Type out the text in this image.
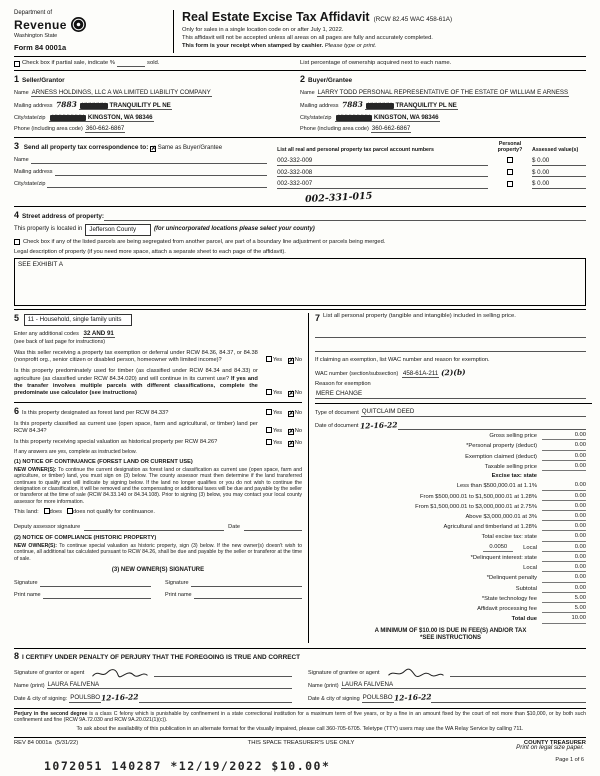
Department of
Revenue
Washington State
Form 84 0001a
Real Estate Excise Tax Affidavit (RCW 82.45 WAC 458-61A)
Only for sales in a single location code on or after July 1, 2022.
This affidavit will not be accepted unless all areas on all pages are fully and accurately completed.
This form is your receipt when stamped by cashier. Please type or print.
Check box if partial sale, indicate %	sold.	List percentage of ownership acquired next to each name.
1 Seller/Grantor
Name ARNESS HOLDINGS, LLC A WA LIMITED LIABILITY COMPANY
Mailing address 7883 XXXXXX TRANQUILITY PL NE
City/state/zip XXXXXXXX KINGSTON, WA 98346
Phone (including area code) 360-662-6867
2 Buyer/Grantee
Name LARRY TODD PERSONAL REPRESENTATIVE OF THE ESTATE OF WILLIAM E ARNESS
Mailing address 7883 XXXXXX TRANQUILITY PL NE
City/state/zip XXXXXXXX KINGSTON, WA 98346
Phone (including area code) 360-662-6867
3 Send all property tax correspondence to: ✗ Same as Buyer/Grantee
Name
Mailing address
City/state/zip
List all real and personal property tax parcel account numbers
Personal property?	Assessed value(s)
002-332-009	$ 0.00
002-332-008	$ 0.00
002-332-007	$ 0.00
002-331-015
4 Street address of property:
This property is located in	Jefferson County	(for unincorporated locations please select your county)
Check box if any of the listed parcels are being segregated from another parcel, are part of a boundary line adjustment or parcels being merged.
Legal description of property (if you need more space, attach a separate sheet to each page of the affidavit).
SEE EXHIBIT A
5 11 - Household, single family units
Enter any additional codes 32 AND 91
(see back of last page for instructions)
Was this seller receiving a property tax exemption or deferral under RCW 84.36, 84.37, or 84.38 (nonprofit org., senior citizen or disabled person, homeowner with limited income)?	Yes ✗No
Is this property predominately used for timber (as classified under RCW 84.34 and 84.33) or agriculture (as classified under RCW 84.34.020) and will continue in its current use? If yes and the transfer involves multiple parcels with different classifications, complete the predominate use calculator (see instructions)	Yes ✗No
6 Is this property designated as forest land per RCW 84.33?	Yes ✗No
Is this property classified as current use (open space, farm and agricultural, or timber) land per RCW 84.34?	Yes ✗No
Is this property receiving special valuation as historical property per RCW 84.26?	Yes ✗No
If any answers are yes, complete as instructed below.
(1) NOTICE OF CONTINUANCE (FOREST LAND OR CURRENT USE)
NEW OWNER(S): To continue the current designation as forest land or classification as current use (open space, farm and agriculture, or timber) land, you must sign on (3) below. The county assessor must then determine if the land transferred continues to qualify and will indicate by signing below. If the land no longer qualifies or you do not wish to continue the designation or classification, it will be removed and the compensating or additional taxes will be due and payable by the seller or transferor at the time of sale (RCW 84.33.140 or 84.34.108). Prior to signing (3) below, you may contact your local county assessor for more information.
This land:	does	does not qualify for continuance.
Deputy assessor signature	Date
(2) NOTICE OF COMPLIANCE (HISTORIC PROPERTY)
NEW OWNER(S): To continue special valuation as historic property, sign (3) below. If the new owner(s) doesn't wish to continue, all additional tax calculated pursuant to RCW 84.26, shall be due and payable by the seller or transferor at the time of sale.
(3) NEW OWNER(S) SIGNATURE
Signature
Print name
Signature
Print name
7 List all personal property (tangible and intangible) included in selling price.
If claiming an exemption, list WAC number and reason for exemption.
WAC number (section/subsection) 458-61A-211 (2)(b)
Reason for exemption
MERE CHANGE
Type of document QUITCLAIM DEED
Date of document 12-16-22
Gross selling price	0.00
*Personal property (deduct)	0.00
Exemption claimed (deduct)	0.00
Taxable selling price	0.00
Excise tax: state
Less than $500,000.01 at 1.1%	0.00
From $500,000.01 to $1,500,000.01 at 1.28%	0.00
From $1,500,000.01 to $3,000,000.01 at 2.75%	0.00
Above $3,000,000.01 at 3%	0.00
Agricultural and timberland at 1.28%	0.00
Total excise tax: state	0.00
0.0050	Local	0.00
*Delinquent interest: state	0.00
Local	0.00
*Delinquent penalty	0.00
Subtotal	0.00
*State technology fee	5.00
Affidavit processing fee	5.00
Total due	10.00
A MINIMUM OF $10.00 IS DUE IN FEE(S) AND/OR TAX
*SEE INSTRUCTIONS
8 I CERTIFY UNDER PENALTY OF PERJURY THAT THE FOREGOING IS TRUE AND CORRECT
Signature of grantor or agent
Name (print) LAURA FALIVENA
Date & city of signing: POULSBO 12-16-22
Signature of grantee or agent
Name (print) LAURA FALIVENA
Date & city of signing POULSBO 12-16-22
Perjury in the second degree is a class C felony which is punishable by confinement in a state correctional institution for a maximum term of five years, or by a fine in an amount fixed by the court of not more than $10,000, or by both such confinement and fine (RCW 9A.72.030 and RCW 9A.20.021(1)(c)).
To ask about the availability of this publication in an alternate format for the visually impaired, please call 360-705-6705. Teletype (TTY) users may use the WA Relay Service by calling 711.
REV 84 0001a (5/31/22)	THIS SPACE TREASURER'S USE ONLY	COUNTY TREASURER
1072051 140287 *12/19/2022 $10.00*
Print on legal size paper.
Page 1 of 6
